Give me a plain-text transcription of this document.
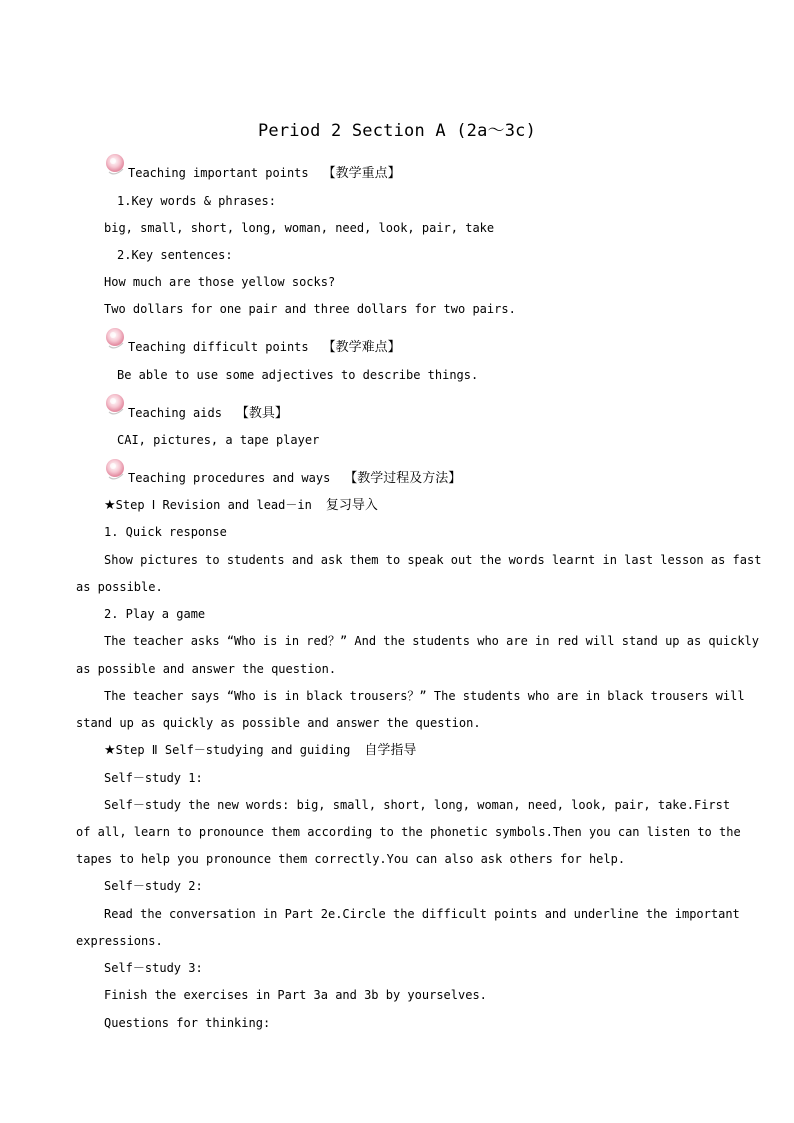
Period 2 Section A (2a～3c)
Teaching important points 【教学重点】
1.Key words & phrases:
big, small, short, long, woman, need, look, pair, take
2.Key sentences:
How much are those yellow socks?
Two dollars for one pair and three dollars for two pairs.
Teaching difficult points 【教学难点】
Be able to use some adjectives to describe things.
Teaching aids 【教具】
CAI, pictures, a tape player
Teaching procedures and ways 【教学过程及方法】
★Step Ⅰ Revision and lead－in 复习导入
1. Quick response
Show pictures to students and ask them to speak out the words learnt in last lesson as fast
as possible.
2. Play a game
The teacher asks “Who is in red？” And the students who are in red will stand up as quickly
as possible and answer the question.
The teacher says “Who is in black trousers？” The students who are in black trousers will
stand up as quickly as possible and answer the question.
★Step Ⅱ Self－studying and guiding 自学指导
Self－study 1:
Self－study the new words: big, small, short, long, woman, need, look, pair, take.First
of all, learn to pronounce them according to the phonetic symbols.Then you can listen to the
tapes to help you pronounce them correctly.You can also ask others for help.
Self－study 2:
Read the conversation in Part 2e.Circle the difficult points and underline the important
expressions.
Self－study 3:
Finish the exercises in Part 3a and 3b by yourselves.
Questions for thinking:
